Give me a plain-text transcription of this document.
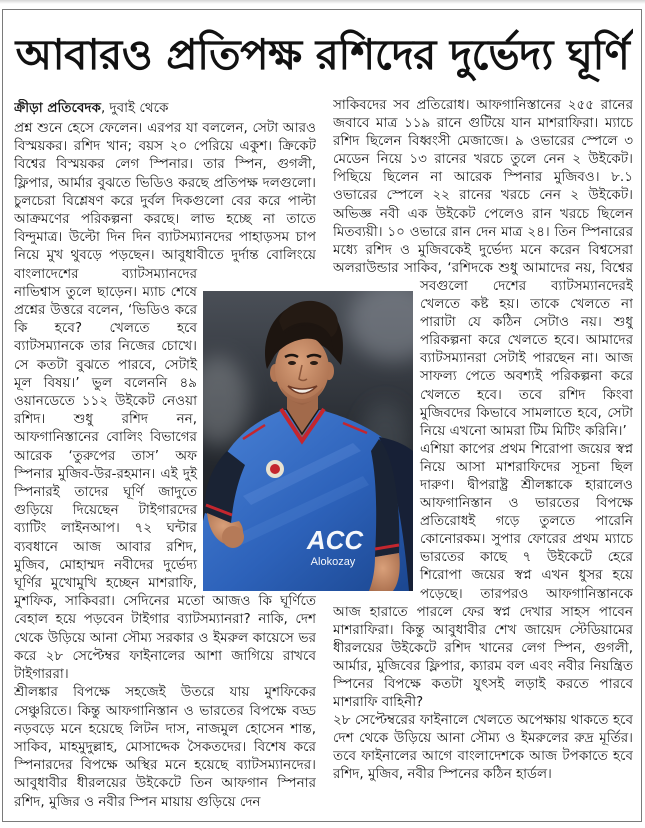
আবারও প্রতিপক্ষ রশিদের দুর্ভেদ্য ঘূর্ণি
ক্রীড়া প্রতিবেদক, দুবাই থেকে

প্রশ্ন শুনে হেসে ফেলেন। এরপর যা বললেন, সেটা আরও বিস্ময়কর। রশিদ খান; বয়স ২০ পেরিয়ে একুশ। ক্রিকেট বিশ্বের বিস্ময়কর লেগ স্পিনার। তার স্পিন, গুগলী, ফ্লিপার, আর্মার বুঝতে ভিডিও করছে প্রতিপক্ষ দলগুলো। চুলচেরা বিশ্লেষণ করে দুর্বল দিকগুলো বের করে পাল্টা আক্রমণের পরিকল্পনা করছে। লাভ হচ্ছে না তাতে বিন্দুমাত্র। উল্টো দিন দিন ব্যাটসম্যানদের পাহাড়সম চাপ নিয়ে মুখ থুবড়ে পড়ছেন। আবুধাবীতে দুর্দান্ত বোলিংয়ে বাংলাদেশের ব্যাটসম্যানদের নাভিশ্বাস তুলে ছাড়েন। ম্যাচ শেষে প্রশ্নের উত্তরে বলেন, ‘ভিডিও করে কি হবে? খেলতে হবে ব্যাটসম্যানকে তার নিজের চোখে। সে কতটা বুঝতে পারবে, সেটাই মূল বিষয়।’ ভুল বলেননি ৪৯ ওয়ানডেতে ১১২ উইকেট নেওয়া রশিদ। শুধু রশিদ নন, আফগানিস্তানের বোলিং বিভাগের আরেক ‘তুরুপের তাস’ অফ স্পিনার মুজিব-উর-রহমান। এই দুই স্পিনারই তাদের ঘূর্ণি জাদুতে গুড়িয়ে দিয়েছেন টাইগারদের ব্যাটিং লাইনআপ। ৭২ ঘন্টার ব্যবধানে আজ আবার রশিদ, মুজিব, মোহাম্মদ নবীদের দুর্ভেদ্য ঘূর্ণির মুখোমুখি হচ্ছেন মাশরাফি, মুশফিক, সাকিবরা। সেদিনের মতো আজও কি ঘূর্ণিতে বেহাল হয়ে পড়বেন টাইগার ব্যাটসম্যানরা? নাকি, দেশ থেকে উড়িয়ে আনা সৌম্য সরকার ও ইমরুল কায়েসে ভর করে ২৮ সেপ্টেম্বর ফাইনালের আশা জাগিয়ে রাখবে টাইগাররা।

শ্রীলঙ্কার বিপক্ষে সহজেই উতরে যায় মুশফিকের সেঞ্চুরিতে। কিন্তু আফগানিস্তান ও ভারতের বিপক্ষে বড্ড নড়বড়ে মনে হয়েছে লিটন দাস, নাজমুল হোসেন শান্ত, সাকিব, মাহমুদুল্লাহ, মোসাদ্দেক সৈকতদের। বিশেষ করে স্পিনারদের বিপক্ষে অস্থির মনে হয়েছে ব্যাটসম্যানদের। আবুধাবীর ধীরলয়ের উইকেটে তিন আফগান স্পিনার রশিদ, মুজির ও নবীর স্পিন মায়ায় গুড়িয়ে দেন

সাকিবদের সব প্রতিরোধ। আফগানিস্তানের ২৫৫ রানের জবাবে মাত্র ১১৯ রানে গুটিয়ে যান মাশরাফিরা। ম্যাচে রশিদ ছিলেন বিধ্বংসী মেজাজে। ৯ ওভারের স্পেলে ৩ মেডেন নিয়ে ১৩ রানের খরচে তুলে নেন ২ উইকেট। পিছিয়ে ছিলেন না আরেক স্পিনার মুজিবও। ৮.১ ওভারের স্পেলে ২২ রানের খরচে নেন ২ উইকেট। অভিজ্ঞ নবী এক উইকেট পেলেও রান খরচে ছিলেন মিতব্যয়ী। ১০ ওভারে রান দেন মাত্র ২৪। তিন স্পিনারের মধ্যে রশিদ ও মুজিবকেই দুর্ভেদ্য মনে করেন বিশ্বসেরা অলরাউন্ডার সাকিব, ‘রশিদকে শুধু আমাদের নয়, বিশ্বের সবগুলো দেশের ব্যাটসম্যানদেরই খেলতে কষ্ট হয়। তাকে খেলতে না পারাটা যে কঠিন সেটাও নয়। শুধু পরিকল্পনা করে খেলতে হবে। আমাদের ব্যাটসম্যানরা সেটাই পারছেন না। আজ সাফল্য পেতে অবশ্যই পরিকল্পনা করে খেলতে হবে। তবে রশিদ কিংবা মুজিবদের কিভাবে সামলাতে হবে, সেটা নিয়ে এখনো আমরা টিম মিটিং করিনি।’

এশিয়া কাপের প্রথম শিরোপা জয়ের স্বপ্ন নিয়ে আসা মাশরাফিদের সূচনা ছিল দারুণ। দ্বীপরাষ্ট্র শ্রীলঙ্কাকে হারালেও আফগানিস্তান ও ভারতের বিপক্ষে প্রতিরোধই গড়ে তুলতে পারেনি কোনোরকম। সুপার ফোরের প্রথম ম্যাচে ভারতের কাছে ৭ উইকেটে হেরে শিরোপা জয়ের স্বপ্ন এখন ধুসর হয়ে পড়েছে। তারপরও আফগানিস্তানকে আজ হারাতে পারলে ফের স্বপ্ন দেখার সাহস পাবেন মাশরাফিরা। কিন্তু আবুধাবীর শেখ জায়েদ স্টেডিয়ামের ধীরলয়ের উইকেটে রশিদ খানের লেগ স্পিন, গুগলী, আর্মার, মুজিবের ফ্লিপার, ক্যারম বল এবং নবীর নিয়ন্ত্রিত স্পিনের বিপক্ষে কতটা যুৎসই লড়াই করতে পারবে মাশরাফি বাহিনী?

২৮ সেপ্টেম্বরের ফাইনালে খেলতে অপেক্ষায় থাকতে হবে দেশ থেকে উড়িয়ে আনা সৌম্য ও ইমরুলের রুদ্র মূর্তির। তবে ফাইনালের আগে বাংলাদেশকে আজ টপকাতে হবে রশিদ, মুজিব, নবীর স্পিনের কঠিন হার্ডল।

ACC
Alokozay
